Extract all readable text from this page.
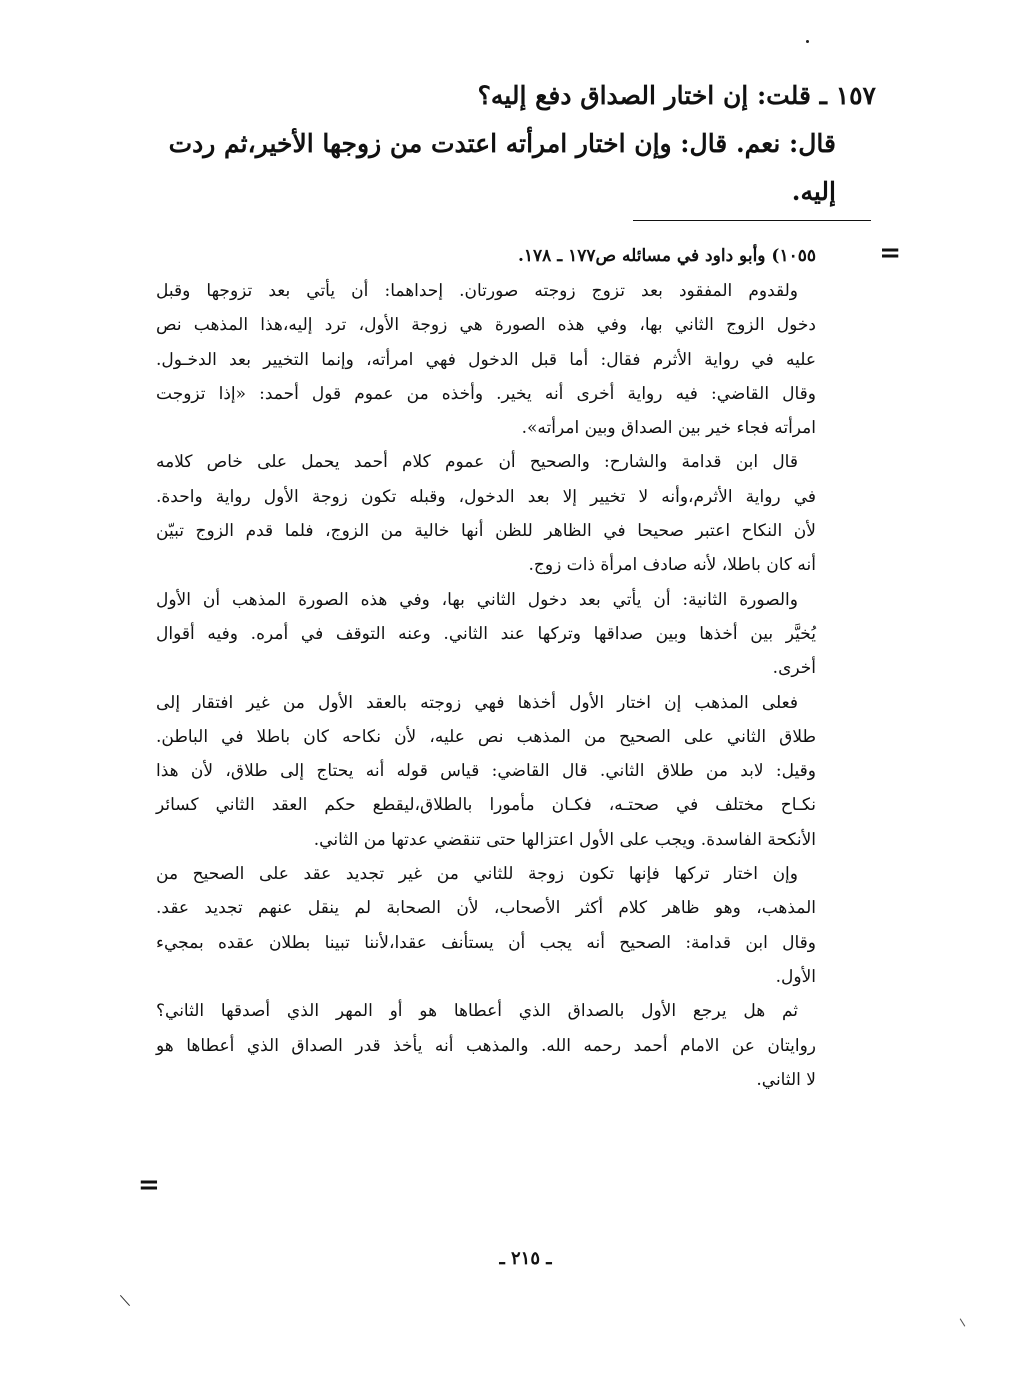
١٥٧ ـ قلت: إن اختار الصداق دفع إليه؟
قال: نعم. قال: وإن اختار امرأته اعتدت من زوجها الأخير،ثم ردت
إليه.
=
١٠٥٥) وأبو داود في مسائله ص١٧٧ ـ ١٧٨.
ولقدوم المفقود بعد تزوج زوجته صورتان. إحداهما: أن يأتي بعد تزوجها وقبل
دخول الزوج الثاني بها، وفي هذه الصورة هي زوجة الأول، ترد إليه،هذا المذهب نص
عليه في رواية الأثرم فقال: أما قبل الدخول فهي امرأته، وإنما التخيير بعد الدخـول.
وقال القاضي: فيه رواية أخرى أنه يخير. وأخذه من عموم قول أحمد: «إذا تزوجت
امرأته فجاء خير بين الصداق وبين امرأته».
قال ابن قدامة والشارح: والصحيح أن عموم كلام أحمد يحمل على خاص كلامه
في رواية الأثرم،وأنه لا تخيير إلا بعد الدخول، وقبله تكون زوجة الأول رواية واحدة.
لأن النكاح اعتبر صحيحا في الظاهر للظن أنها خالية من الزوج، فلما قدم الزوج تبيّن
أنه كان باطلا، لأنه صادف امرأة ذات زوج.
والصورة الثانية: أن يأتي بعد دخول الثاني بها، وفي هذه الصورة المذهب أن الأول
يُخيَّر بين أخذها وبين صداقها وتركها عند الثاني. وعنه التوقف في أمره. وفيه أقوال
أخرى.
فعلى المذهب إن اختار الأول أخذها فهي زوجته بالعقد الأول من غير افتقار إلى
طلاق الثاني على الصحيح من المذهب نص عليه، لأن نكاحه كان باطلا في الباطن.
وقيل: لابد من طلاق الثاني. قال القاضي: قياس قوله أنه يحتاج إلى طلاق، لأن هذا
نكـاح مختلف في صحتـه، فكـان مأمورا بالطلاق،ليقطع حكم العقد الثاني كسائر
الأنكحة الفاسدة. ويجب على الأول اعتزالها حتى تنقضي عدتها من الثاني.
وإن اختار تركها فإنها تكون زوجة للثاني من غير تجديد عقد على الصحيح من
المذهب، وهو ظاهر كلام أكثر الأصحاب، لأن الصحابة لم ينقل عنهم تجديد عقد.
وقال ابن قدامة: الصحيح أنه يجب أن يستأنف عقدا،لأننا تبينا بطلان عقده بمجيء
الأول.
ثم هل يرجع الأول بالصداق الذي أعطاها هو أو المهر الذي أصدقها الثاني؟
روايتان عن الامام أحمد رحمه الله. والمذهب أنه يأخذ قدر الصداق الذي أعطاها هو
لا الثاني.
=
ـ ٢١٥ ـ
